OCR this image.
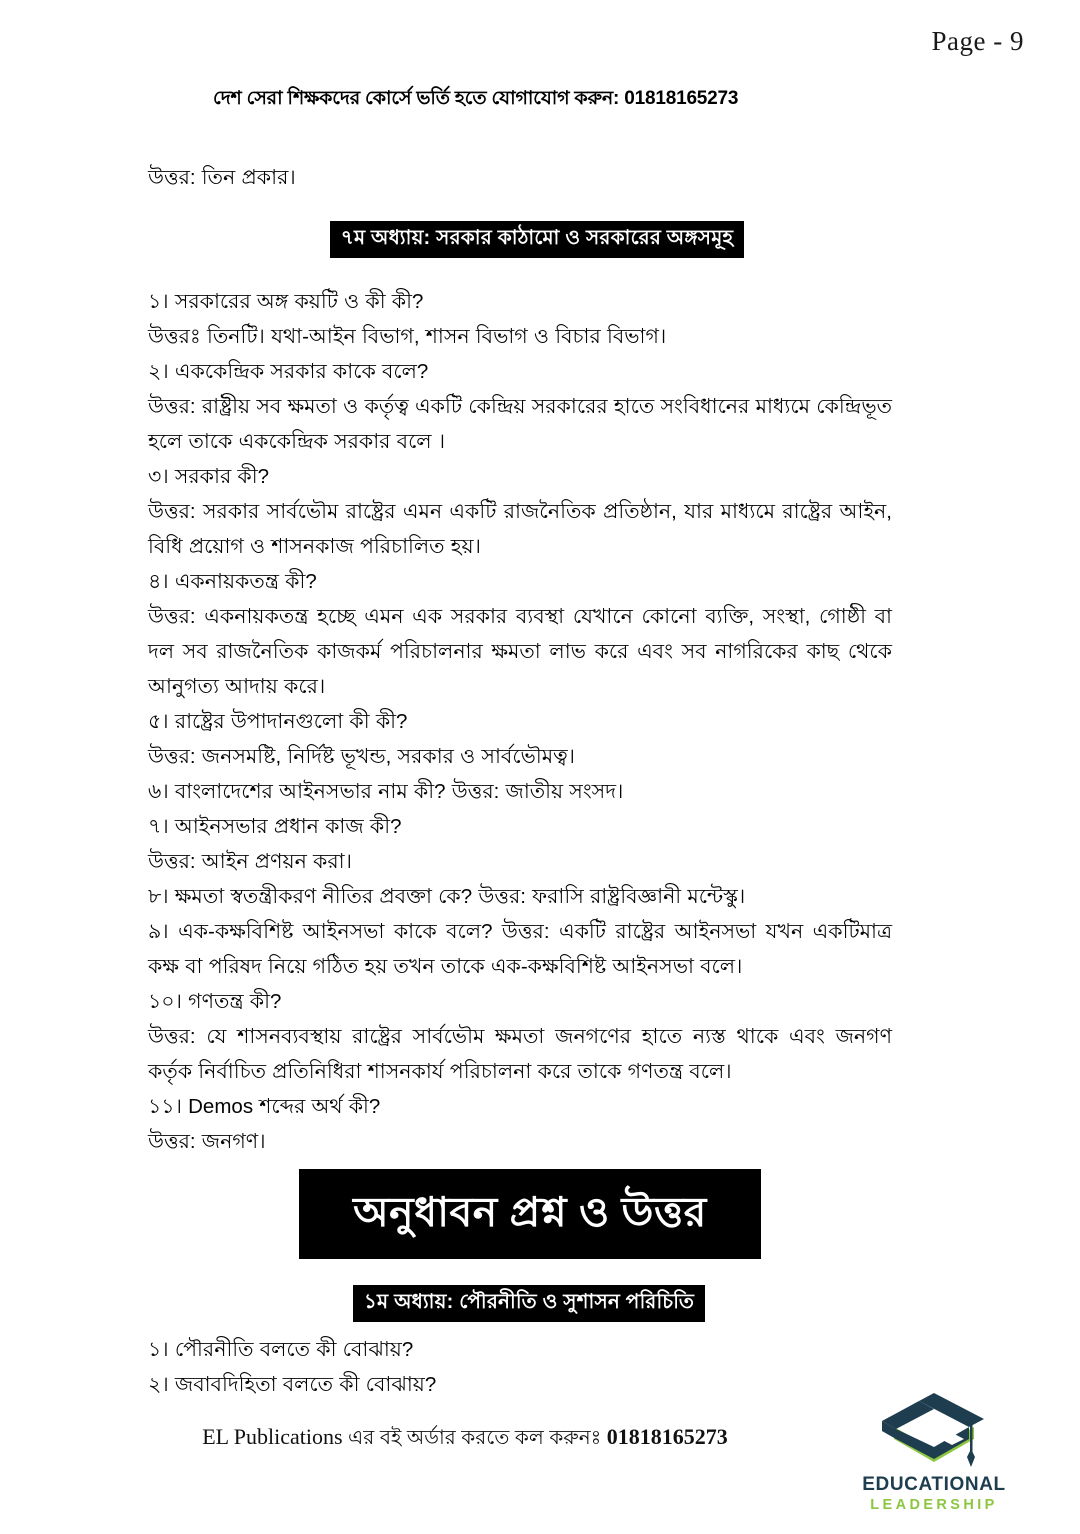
Page - 9
দেশ সেরা শিক্ষকদের কোর্সে ভর্তি হতে যোগাযোগ করুন: 01818165273

উত্তর: তিন প্রকার।

৭ম অধ্যায়: সরকার কাঠামো ও সরকারের অঙ্গসমূহ

১। সরকারের অঙ্গ কয়টি ও কী কী?

উত্তরঃ তিনটি। যথা-আইন বিভাগ, শাসন বিভাগ ও বিচার বিভাগ।

২। এককেন্দ্রিক সরকার কাকে বলে?

উত্তর: রাষ্ট্রীয় সব ক্ষমতা ও কর্তৃত্ব একটি কেন্দ্রিয় সরকারের হাতে সংবিধানের মাধ্যমে কেন্দ্রিভূত হলে তাকে এককেন্দ্রিক সরকার বলে ।

৩। সরকার কী?

উত্তর: সরকার সার্বভৌম রাষ্ট্রের এমন একটি রাজনৈতিক প্রতিষ্ঠান, যার মাধ্যমে রাষ্ট্রের আইন, বিধি প্রয়োগ ও শাসনকাজ পরিচালিত হয়।

৪। একনায়কতন্ত্র কী?

উত্তর: একনায়কতন্ত্র হচ্ছে এমন এক সরকার ব্যবস্থা যেখানে কোনো ব্যক্তি, সংস্থা, গোষ্ঠী বা দল সব রাজনৈতিক কাজকর্ম পরিচালনার ক্ষমতা লাভ করে এবং সব নাগরিকের কাছ থেকে আনুগত্য আদায় করে।

৫। রাষ্ট্রের উপাদানগুলো কী কী?

উত্তর: জনসমষ্টি, নির্দিষ্ট ভূখন্ড, সরকার ও সার্বভৌমত্ব।

৬। বাংলাদেশের আইনসভার নাম কী? উত্তর: জাতীয় সংসদ।

৭। আইনসভার প্রধান কাজ কী?

উত্তর: আইন প্রণয়ন করা।

৮। ক্ষমতা স্বতন্ত্রীকরণ নীতির প্রবক্তা কে? উত্তর: ফরাসি রাষ্ট্রবিজ্ঞানী মন্টেস্কু।

৯। এক-কক্ষবিশিষ্ট আইনসভা কাকে বলে? উত্তর: একটি রাষ্ট্রের আইনসভা যখন একটিমাত্র কক্ষ বা পরিষদ নিয়ে গঠিত হয় তখন তাকে এক-কক্ষবিশিষ্ট আইনসভা বলে।

১০। গণতন্ত্র কী?

উত্তর: যে শাসনব্যবস্থায় রাষ্ট্রের সার্বভৌম ক্ষমতা জনগণের হাতে ন্যস্ত থাকে এবং জনগণ কর্তৃক নির্বাচিত প্রতিনিধিরা শাসনকার্য পরিচালনা করে তাকে গণতন্ত্র বলে।

১১। Demos শব্দের অর্থ কী?

উত্তর: জনগণ।

অনুধাবন প্রশ্ন ও উত্তর
১ম অধ্যায়: পৌরনীতি ও সুশাসন পরিচিতি

১। পৌরনীতি বলতে কী বোঝায়?

২। জবাবদিহিতা বলতে কী বোঝায়?

EL Publications এর বই অর্ডার করতে কল করুনঃ 01818165273
EDUCATIONAL
LEADERSHIP
